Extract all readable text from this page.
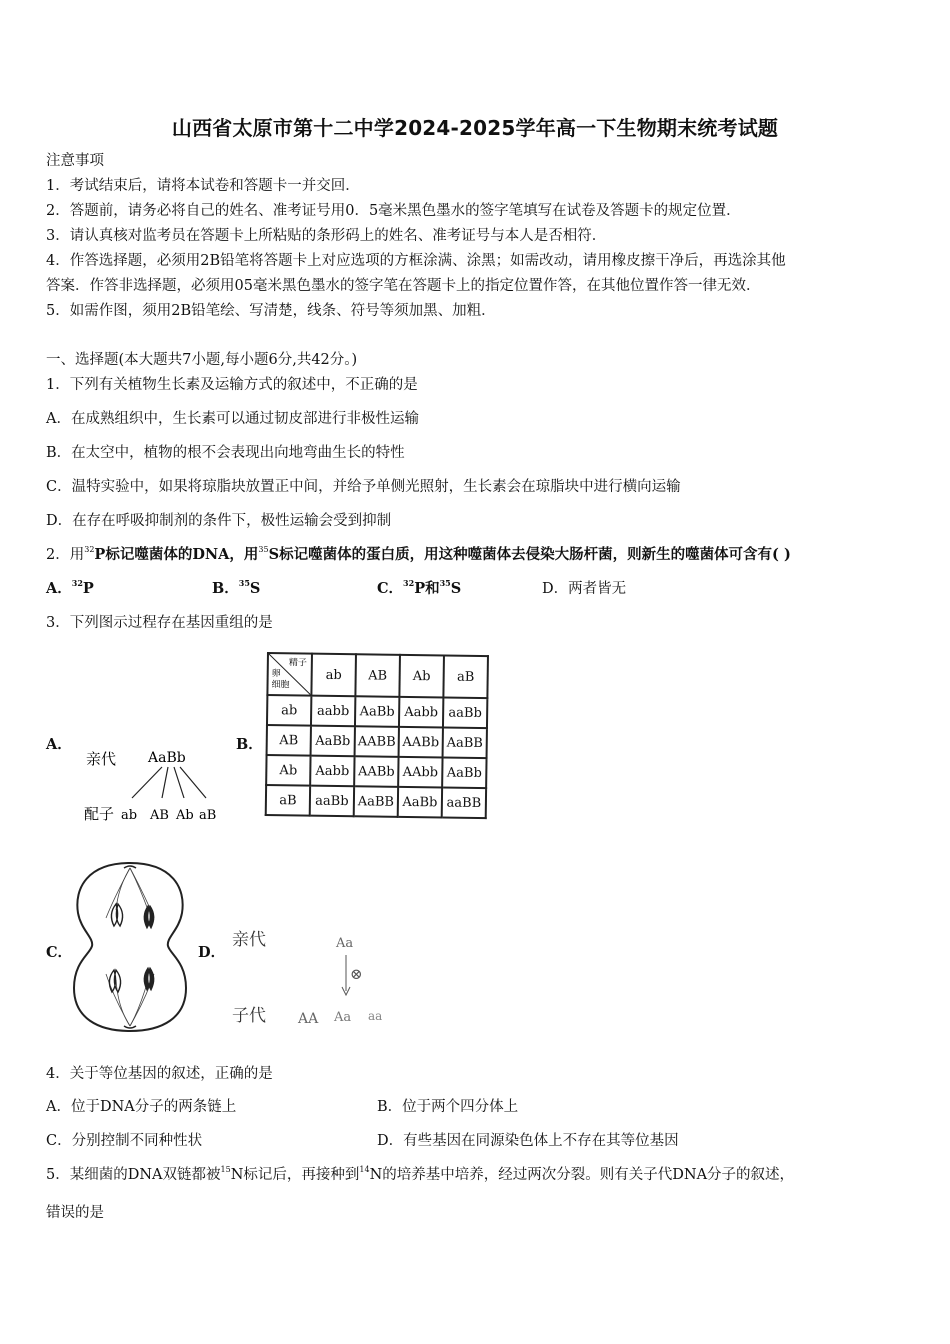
山西省太原市第十二中学2024-2025学年高一下生物期末统考试题
注意事项
1．考试结束后，请将本试卷和答题卡一并交回．
2．答题前，请务必将自己的姓名、准考证号用0．5毫米黑色墨水的签字笔填写在试卷及答题卡的规定位置．
3．请认真核对监考员在答题卡上所粘贴的条形码上的姓名、准考证号与本人是否相符．
4．作答选择题，必须用2B铅笔将答题卡上对应选项的方框涂满、涂黑；如需改动，请用橡皮擦干净后，再选涂其他
答案．作答非选择题，必须用05毫米黑色墨水的签字笔在答题卡上的指定位置作答，在其他位置作答一律无效．
5．如需作图，须用2B铅笔绘、写清楚，线条、符号等须加黑、加粗．
一、选择题(本大题共7小题,每小题6分,共42分。)
1．下列有关植物生长素及运输方式的叙述中，不正确的是
A．在成熟组织中，生长素可以通过韧皮部进行非极性运输
B．在太空中，植物的根不会表现出向地弯曲生长的特性
C．温特实验中，如果将琼脂块放置正中间，并给予单侧光照射，生长素会在琼脂块中进行横向运输
D．在存在呼吸抑制剂的条件下，极性运输会受到抑制
2．用$^{32}$P标记噬菌体的DNA，用$^{35}$S标记噬菌体的蛋白质，用这种噬菌体去侵染大肠杆菌，则新生的噬菌体可含有( )
A．$^{32}$P	B．$^{35}$S	C．$^{32}$P和$^{35}$S	D．两者皆无
3．下列图示过程存在基因重组的是
A．
亲代 AaBb
配子 ab AB Ab aB
B．
精子
卵
细胞	ab	AB	Ab	aB
ab	aabb	AaBb	Aabb	aaBb
AB	AaBb	AABB	AABb	AaBB
Ab	Aabb	AABb	AAbb	AaBb
aB	aaBb	AaBB	AaBb	aaBB
C．	D．
亲代	Aa
⊗
子代 AA Aa aa
4．关于等位基因的叙述，正确的是
A．位于DNA分子的两条链上	B．位于两个四分体上
C．分别控制不同种性状	D．有些基因在同源染色体上不存在其等位基因
5．某细菌的DNA双链都被$^{15}$N标记后，再接种到$^{14}$N的培养基中培养，经过两次分裂。则有关子代DNA分子的叙述，
错误的是
